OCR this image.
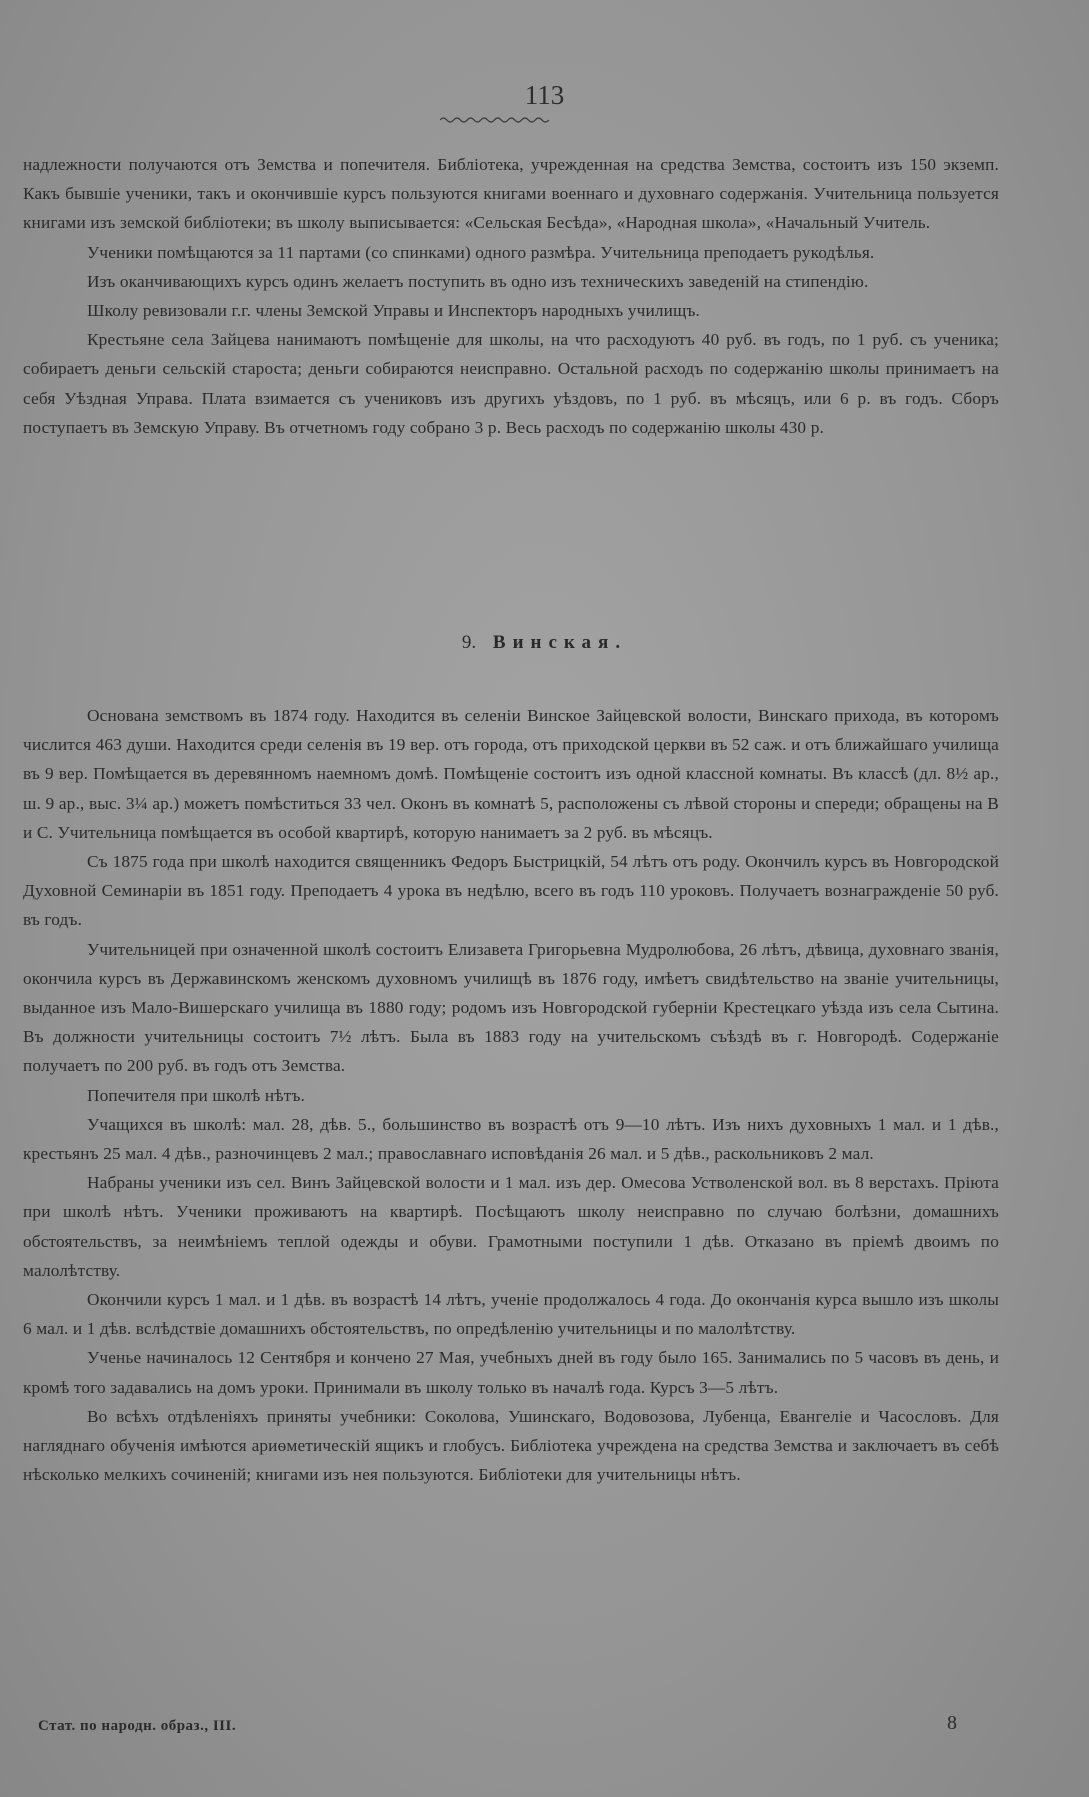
113

надлежности получаются отъ Земства и попечителя. Библіотека, учрежденная на средства Земства, состоитъ изъ 150 экземп. Какъ бывшіе ученики, такъ и окончившіе курсъ пользуются книгами военнаго и духовнаго содержанія. Учительница пользуется книгами изъ земской библіотеки; въ школу выписывается: «Сельская Бесѣда», «Народная школа», «Начальный Учитель.

Ученики помѣщаются за 11 партами (со спинками) одного размѣра. Учительница преподаетъ рукодѣлья.

Изъ оканчивающихъ курсъ одинъ желаетъ поступить въ одно изъ техническихъ заведеній на стипендію.

Школу ревизовали г.г. члены Земской Управы и Инспекторъ народныхъ училищъ.

Крестьяне села Зайцева нанимаютъ помѣщеніе для школы, на что расходуютъ 40 руб. въ годъ, по 1 руб. съ ученика; собираетъ деньги сельскій староста; деньги собираются неисправно. Остальной расходъ по содержанію школы принимаетъ на себя Уѣздная Управа. Плата взимается съ учениковъ изъ другихъ уѣздовъ, по 1 руб. въ мѣсяцъ, или 6 р. въ годъ. Сборъ поступаетъ въ Земскую Управу. Въ отчетномъ году собрано 3 р. Весь расходъ по содержанію школы 430 р.

9. Винская.

Основана земствомъ въ 1874 году. Находится въ селеніи Винское Зайцевской волости, Винскаго прихода, въ которомъ числится 463 души. Находится среди селенія въ 19 вер. отъ города, отъ приходской церкви въ 52 саж. и отъ ближайшаго училища въ 9 вер. Помѣщается въ деревянномъ наемномъ домѣ. Помѣщеніе состоитъ изъ одной классной комнаты. Въ классѣ (дл. 8½ ар., ш. 9 ар., выс. 3¼ ар.) можетъ помѣститься 33 чел. Оконъ въ комнатѣ 5, расположены съ лѣвой стороны и спереди; обращены на В и С. Учительница помѣщается въ особой квартирѣ, которую нанимаетъ за 2 руб. въ мѣсяцъ.

Съ 1875 года при школѣ находится священникъ Федоръ Быстрицкій, 54 лѣтъ отъ роду. Окончилъ курсъ въ Новгородской Духовной Семинаріи въ 1851 году. Преподаетъ 4 урока въ недѣлю, всего въ годъ 110 уроковъ. Получаетъ вознагражденіе 50 руб. въ годъ.

Учительницей при означенной школѣ состоитъ Елизавета Григорьевна Мудролюбова, 26 лѣтъ, дѣвица, духовнаго званія, окончила курсъ въ Державинскомъ женскомъ духовномъ училищѣ въ 1876 году, имѣетъ свидѣтельство на званіе учительницы, выданное изъ Мало-Вишерскаго училища въ 1880 году; родомъ изъ Новгородской губерніи Крестецкаго уѣзда изъ села Сытина. Въ должности учительницы состоитъ 7½ лѣтъ. Была въ 1883 году на учительскомъ съѣздѣ въ г. Новгородѣ. Содержаніе получаетъ по 200 руб. въ годъ отъ Земства.

Попечителя при школѣ нѣтъ.

Учащихся въ школѣ: мал. 28, дѣв. 5., большинство въ возрастѣ отъ 9—10 лѣтъ. Изъ нихъ духовныхъ 1 мал. и 1 дѣв., крестьянъ 25 мал. 4 дѣв., разночинцевъ 2 мал.; православнаго исповѣданія 26 мал. и 5 дѣв., раскольниковъ 2 мал.

Набраны ученики изъ сел. Винъ Зайцевской волости и 1 мал. изъ дер. Омесова Устволенской вол. въ 8 верстахъ. Пріюта при школѣ нѣтъ. Ученики проживаютъ на квартирѣ. Посѣщаютъ школу неисправно по случаю болѣзни, домашнихъ обстоятельствъ, за неимѣніемъ теплой одежды и обуви. Грамотными поступили 1 дѣв. Отказано въ пріемѣ двоимъ по малолѣтству.

Окончили курсъ 1 мал. и 1 дѣв. въ возрастѣ 14 лѣтъ, ученіе продолжалось 4 года. До окончанія курса вышло изъ школы 6 мал. и 1 дѣв. вслѣдствіе домашнихъ обстоятельствъ, по опредѣленію учительницы и по малолѣтству.

Ученье начиналось 12 Сентября и кончено 27 Мая, учебныхъ дней въ году было 165. Занимались по 5 часовъ въ день, и кромѣ того задавались на домъ уроки. Принимали въ школу только въ началѣ года. Курсъ 3—5 лѣтъ.

Во всѣхъ отдѣленіяхъ приняты учебники: Соколова, Ушинскаго, Водовозова, Лубенца, Евангеліе и Часословъ. Для нагляднаго обученія имѣются ариѳметическій ящикъ и глобусъ. Библіотека учреждена на средства Земства и заключаетъ въ себѣ нѣсколько мелкихъ сочиненій; книгами изъ нея пользуются. Библіотеки для учительницы нѣтъ.

Стат. по народн. образ., III.	8
